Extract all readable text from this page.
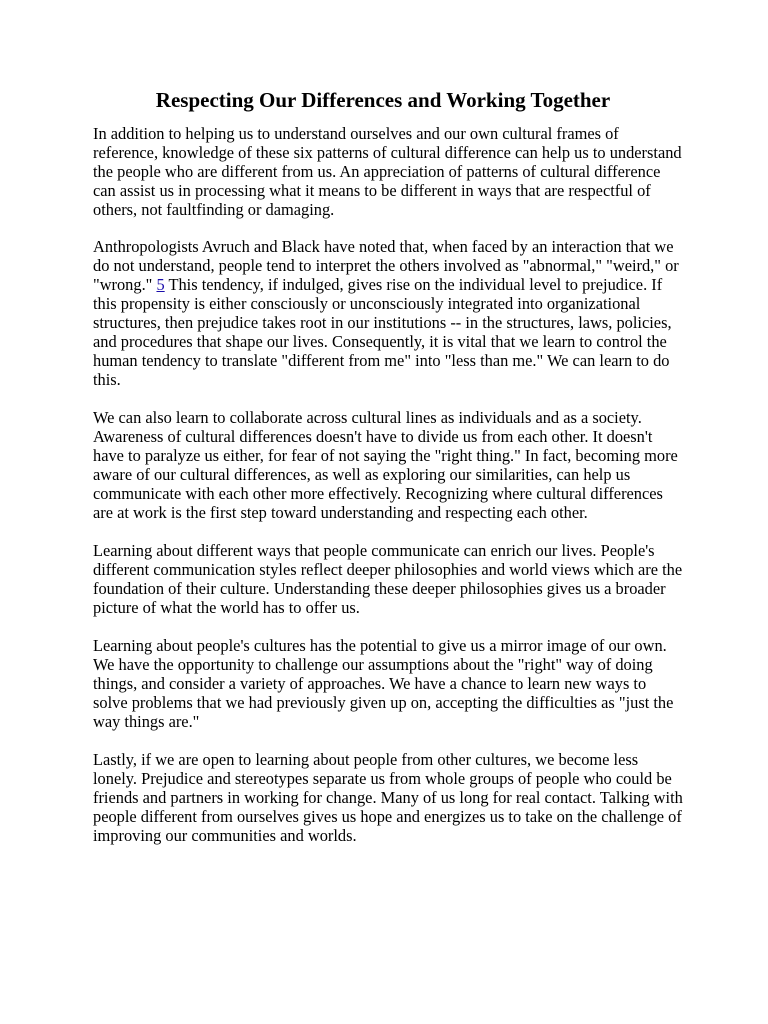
Respecting Our Differences and Working Together

In addition to helping us to understand ourselves and our own cultural frames of reference, knowledge of these six patterns of cultural difference can help us to understand the people who are different from us. An appreciation of patterns of cultural difference can assist us in processing what it means to be different in ways that are respectful of others, not faultfinding or damaging.

Anthropologists Avruch and Black have noted that, when faced by an interaction that we do not understand, people tend to interpret the others involved as "abnormal," "weird," or "wrong." 5 This tendency, if indulged, gives rise on the individual level to prejudice. If this propensity is either consciously or unconsciously integrated into organizational structures, then prejudice takes root in our institutions -- in the structures, laws, policies, and procedures that shape our lives. Consequently, it is vital that we learn to control the human tendency to translate "different from me" into "less than me." We can learn to do this.

We can also learn to collaborate across cultural lines as individuals and as a society. Awareness of cultural differences doesn't have to divide us from each other. It doesn't have to paralyze us either, for fear of not saying the "right thing." In fact, becoming more aware of our cultural differences, as well as exploring our similarities, can help us communicate with each other more effectively. Recognizing where cultural differences are at work is the first step toward understanding and respecting each other.

Learning about different ways that people communicate can enrich our lives. People's different communication styles reflect deeper philosophies and world views which are the foundation of their culture. Understanding these deeper philosophies gives us a broader picture of what the world has to offer us.

Learning about people's cultures has the potential to give us a mirror image of our own. We have the opportunity to challenge our assumptions about the "right" way of doing things, and consider a variety of approaches. We have a chance to learn new ways to solve problems that we had previously given up on, accepting the difficulties as "just the way things are."

Lastly, if we are open to learning about people from other cultures, we become less lonely. Prejudice and stereotypes separate us from whole groups of people who could be friends and partners in working for change. Many of us long for real contact. Talking with people different from ourselves gives us hope and energizes us to take on the challenge of improving our communities and worlds.
